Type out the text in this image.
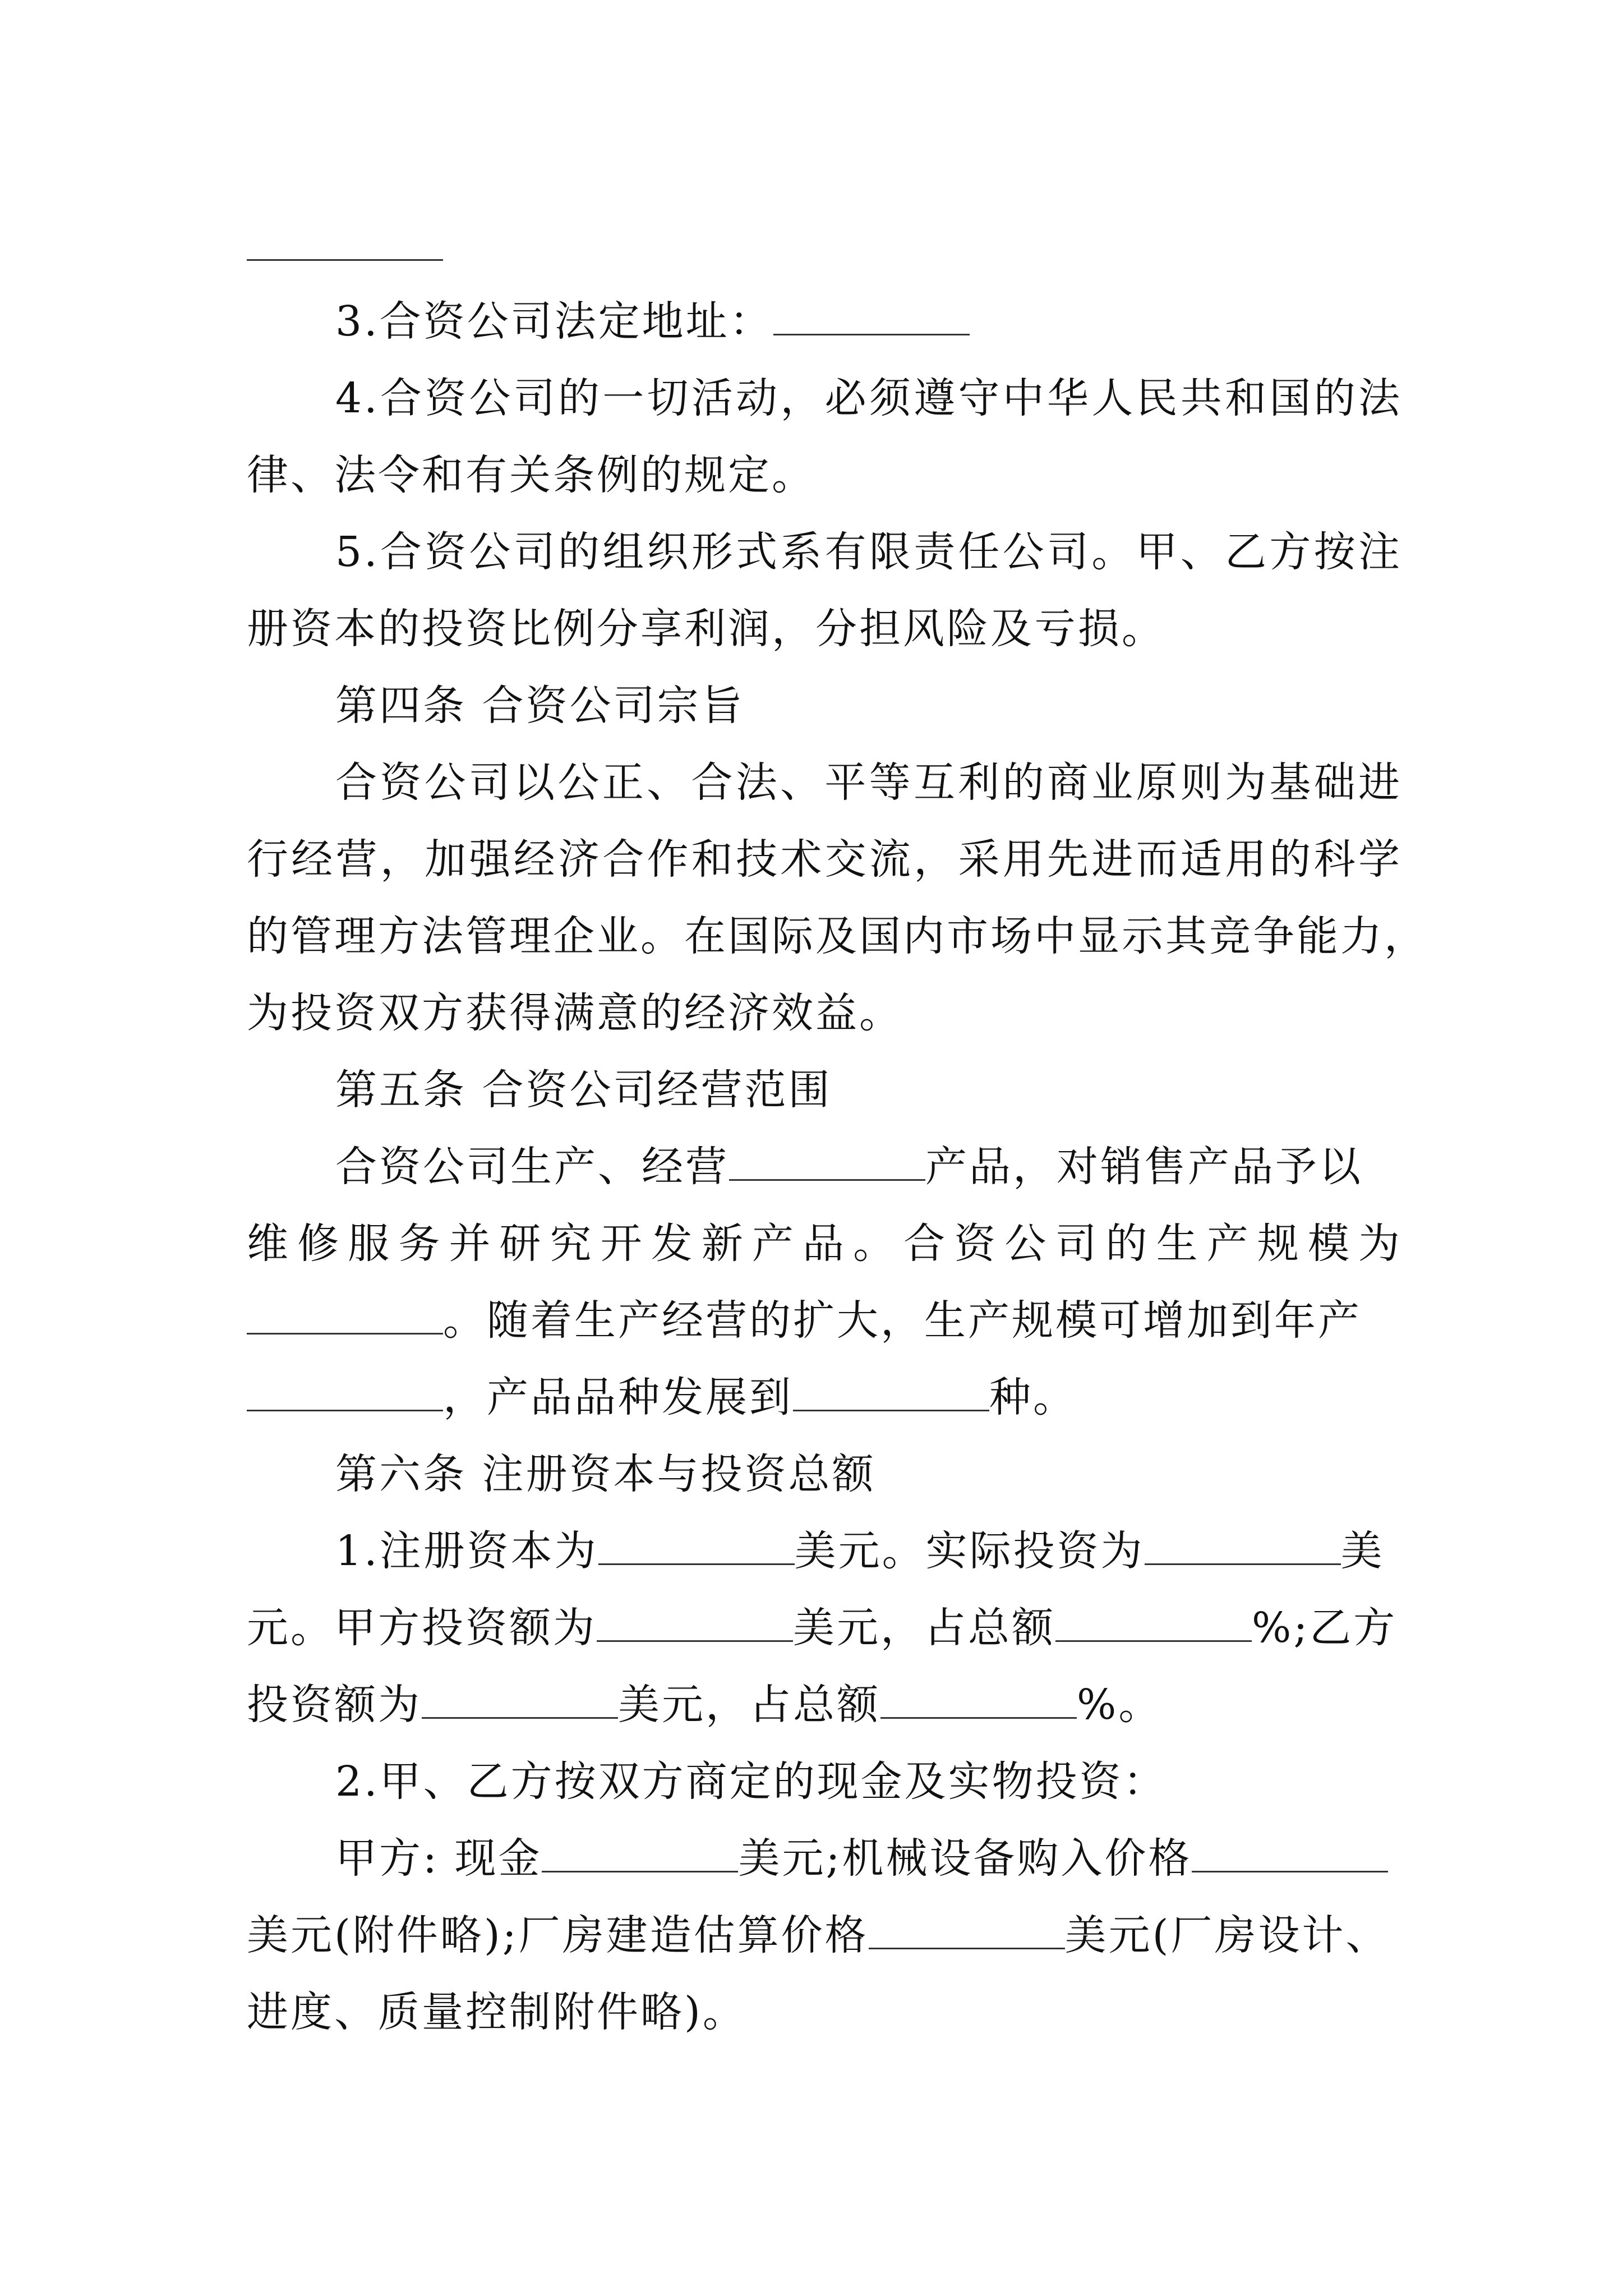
3.合资公司法定地址：

4.合资公司的一切活动，必须遵守中华人民共和国的法

律、法令和有关条例的规定。

5.合资公司的组织形式系有限责任公司。甲、乙方按注

册资本的投资比例分享利润，分担风险及亏损。

第四条 合资公司宗旨

合资公司以公正、合法、平等互利的商业原则为基础进

行经营，加强经济合作和技术交流，采用先进而适用的科学

的管理方法管理企业。在国际及国内市场中显示其竞争能力，

为投资双方获得满意的经济效益。

第五条 合资公司经营范围

合资公司生产、经营	产品，对销售产品予以

维修服务并研究开发新产品。合资公司的生产规模为

。随着生产经营的扩大，生产规模可增加到年产

，产品品种发展到	种。

第六条 注册资本与投资总额

1.注册资本为	美元。实际投资为	美

元。甲方投资额为	美元，占总额	%;乙方

投资额为	美元，占总额	%。

2.甲、乙方按双方商定的现金及实物投资：

甲方: 现金	美元;机械设备购入价格

美元(附件略);厂房建造估算价格	美元(厂房设计、

进度、质量控制附件略)。
